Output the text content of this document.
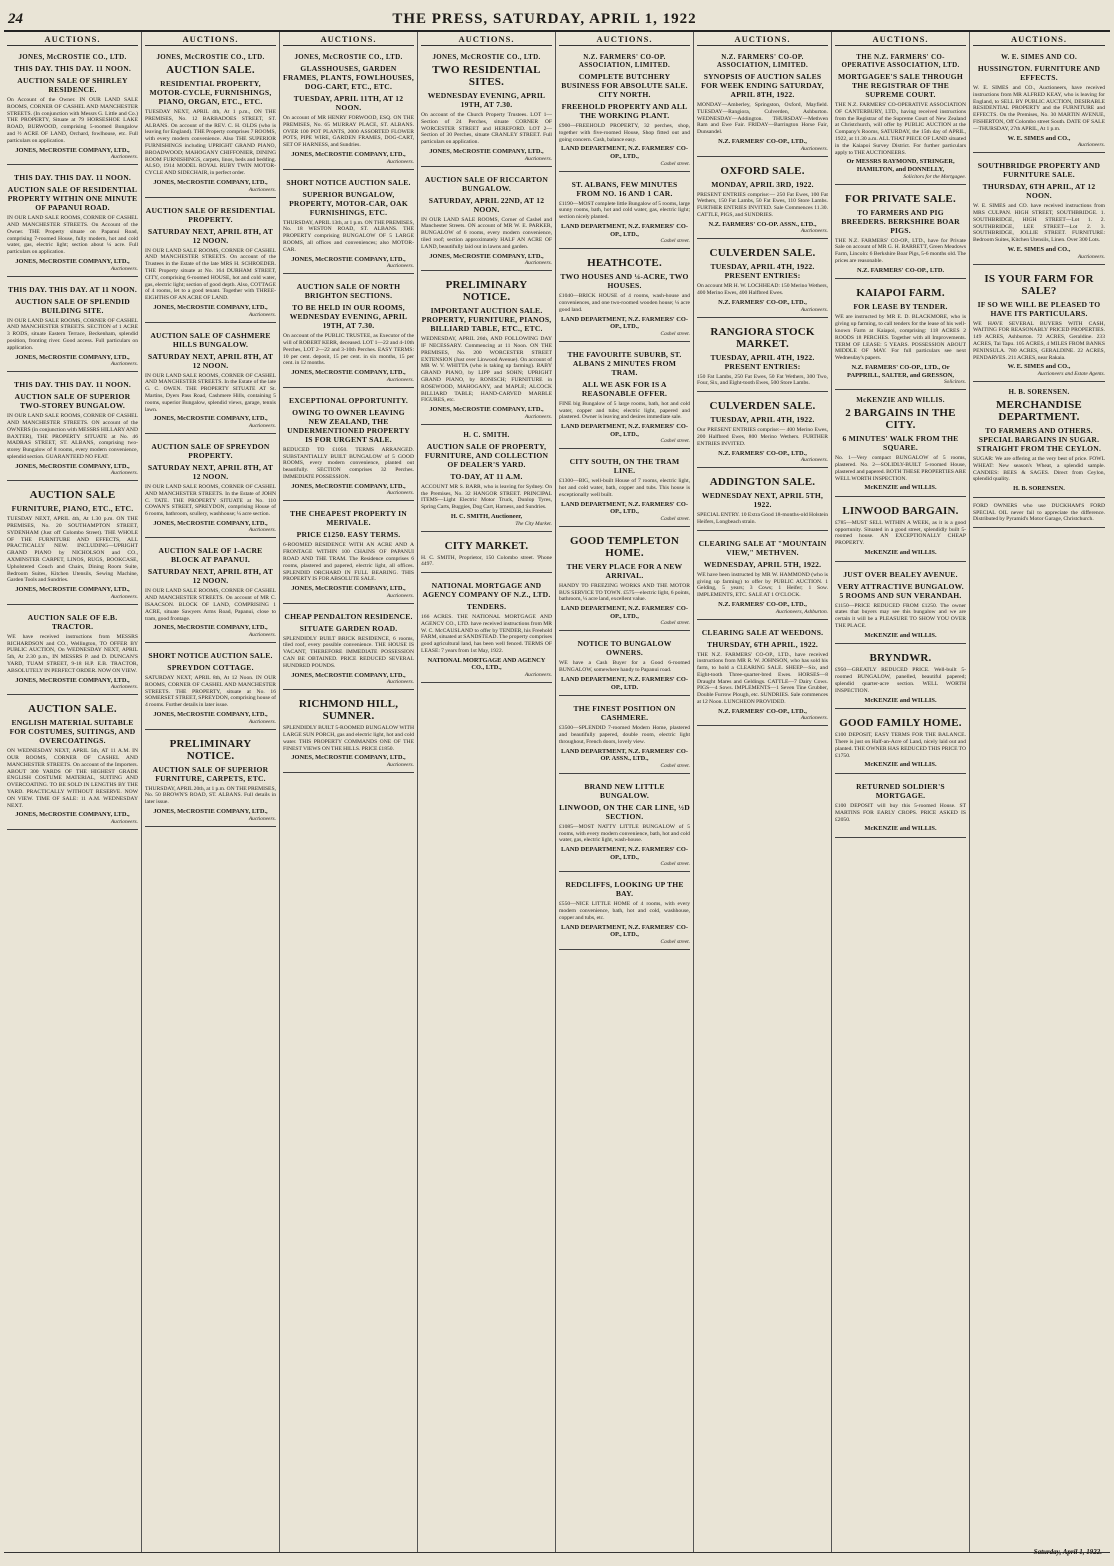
24	THE PRESS, SATURDAY, APRIL 1, 1922
AUCTIONS.
JONES, McCROSTIE CO., LTD.
THIS DAY. THIS DAY. 11 NOON.
AUCTION SALE OF SHIRLEY RESIDENCE.
On Account of the Owner. IN OUR LAND SALE ROOMS, CORNER OF CASHEL AND MANCHESTER STREETS. (In conjunction with Messrs G. Little and Co.) THE PROPERTY, Situate at 79 HORSESHOE LAKE ROAD, BURWOOD, comprising 5-roomed Bungalow and ½ ACRE OF LAND, Orchard, fowlhouse, etc. Full particulars on application.
JONES, McCROSTIE COMPANY, LTD.,
Auctioneers.
THIS DAY. THIS DAY. 11 NOON.
AUCTION SALE OF RESIDENTIAL PROPERTY WITHIN ONE MINUTE OF PAPANUI ROAD.
IN OUR LAND SALE ROOMS, CORNER OF CASHEL AND MANCHESTER STREETS. On Account of the Owner. THE Property situate on Papanui Road, comprising 7-roomed House, fully modern, hot and cold water, gas, electric light; section about ¼ acre. Full particulars on application.
JONES, McCROSTIE COMPANY, LTD.,
Auctioneers.
THIS DAY. THIS DAY. AT 11 NOON.
AUCTION SALE OF SPLENDID BUILDING SITE.
IN OUR LAND SALE ROOMS, CORNER OF CASHEL AND MANCHESTER STREETS. SECTION of 1 ACRE 3 RODS, situate Eastern Terrace, Beckenham, splendid position, fronting river. Good access. Full particulars on application.
JONES, McCROSTIE COMPANY, LTD.,
Auctioneers.
THIS DAY. THIS DAY. 11 NOON.
AUCTION SALE OF SUPERIOR TWO-STOREY BUNGALOW.
IN OUR LAND SALE ROOMS, CORNER OF CASHEL AND MANCHESTER STREETS. ON account of the OWNERS (in conjunction with MESSRS HILLARY AND BAXTER), THE PROPERTY SITUATE at No. 46 MADRAS STREET, ST. ALBANS, comprising two-storey Bungalow of 8 rooms, every modern convenience, splendid section. GUARANTEED NO FEAT.
JONES, McCROSTIE COMPANY, LTD.,
Auctioneers.
AUCTION SALE
FURNITURE, PIANO, ETC., ETC.
TUESDAY NEXT, APRIL 4th, At 1.30 p.m. ON THE PREMISES, No. 20 SOUTHAMPTON STREET, SYDENHAM (Just off Colombo Street). THE WHOLE OF THE FURNITURE AND EFFECTS, ALL PRACTICALLY NEW. INCLUDING—UPRIGHT GRAND PIANO by NICHOLSON and CO., AXMINSTER CARPET, LINOS, RUGS, BOOKCASE, Upholstered Couch and Chairs, Dining Room Suite, Bedroom Suites, Kitchen Utensils, Sewing Machine, Garden Tools and Sundries.
JONES, McCROSTIE COMPANY, LTD.,
Auctioneers.
AUCTION SALE OF E.B. TRACTOR.
WE have received instructions from MESSRS RICHARDSON and CO., Wellington, TO OFFER BY PUBLIC AUCTION, On WEDNESDAY NEXT, APRIL 5th, At 2.30 p.m., IN MESSRS P. and D. DUNCAN'S YARD, TUAM STREET, 9-18 H.P. E.B. TRACTOR, ABSOLUTELY IN PERFECT ORDER. NOW ON VIEW.
JONES, McCROSTIE COMPANY, LTD.,
Auctioneers.
AUCTION SALE.
ENGLISH MATERIAL SUITABLE FOR COSTUMES, SUITINGS, AND OVERCOATINGS.
ON WEDNESDAY NEXT, APRIL 5th, AT 11 A.M. IN OUR ROOMS, CORNER OF CASHEL AND MANCHESTER STREETS. On account of the Importers. ABOUT 300 YARDS OF THE HIGHEST GRADE ENGLISH COSTUME MATERIAL, SUITING AND OVERCOATING. TO BE SOLD IN LENGTHS BY THE YARD. PRACTICALLY WITHOUT RESERVE. NOW ON VIEW. TIME OF SALE: 11 A.M. WEDNESDAY NEXT.
JONES, McCROSTIE COMPANY, LTD.,
Auctioneers.
AUCTIONS.
JONES, McCROSTIE CO., LTD.
AUCTION SALE.
RESIDENTIAL PROPERTY, MOTOR-CYCLE, FURNISHINGS, PIANO, ORGAN, ETC., ETC.
TUESDAY NEXT, APRIL 4th, At 1 p.m., ON THE PREMISES, No. 12 BARBADOES STREET, ST. ALBANS. On account of the REV. C. H. OLDS (who is leaving for England). THE Property comprises 7 ROOMS, with every modern convenience. Also THE SUPERIOR FURNISHINGS including UPRIGHT GRAND PIANO, BROADWOOD; MAHOGANY CHIFFONIER, DINING ROOM FURNISHINGS, carpets, linos, beds and bedding. ALSO, 1914 MODEL ROYAL RUBY TWIN MOTOR-CYCLE AND SIDECHAIR, in perfect order.
JONES, McCROSTIE COMPANY, LTD.,
Auctioneers.
AUCTION SALE OF RESIDENTIAL PROPERTY.
SATURDAY NEXT, APRIL 8TH, AT 12 NOON.
IN OUR LAND SALE ROOMS, CORNER OF CASHEL AND MANCHESTER STREETS. On account of the Trustees in the Estate of the late MRS H. SCHROEDER. THE Property situate at No. 164 DURHAM STREET, CITY, comprising 6-roomed HOUSE, hot and cold water, gas, electric light; section of good depth. Also, COTTAGE of 4 rooms, let to a good tenant. Together with THREE-EIGHTHS OF AN ACRE OF LAND.
JONES, McCROSTIE COMPANY, LTD.,
Auctioneers.
AUCTION SALE OF CASHMERE HILLS BUNGALOW.
SATURDAY NEXT, APRIL 8TH, AT 12 NOON.
IN OUR LAND SALE ROOMS, CORNER OF CASHEL AND MANCHESTER STREETS. In the Estate of the late G. C. OWEN. THE PROPERTY SITUATE AT St. Martins, Dyers Pass Road, Cashmere Hills, containing 5 rooms, superior Bungalow, splendid views, garage, tennis lawn.
JONES, McCROSTIE COMPANY, LTD.,
Auctioneers.
AUCTION SALE OF SPREYDON PROPERTY.
SATURDAY NEXT, APRIL 8TH, AT 12 NOON.
IN OUR LAND SALE ROOMS, CORNER OF CASHEL AND MANCHESTER STREETS. In the Estate of JOHN C. TATE. THE PROPERTY SITUATE at No. 110 COWAN'S STREET, SPREYDON, comprising House of 6 rooms, bathroom, scullery, washhouse; ¼ acre section.
JONES, McCROSTIE COMPANY, LTD.,
Auctioneers.
AUCTION SALE OF 1-ACRE BLOCK AT PAPANUI.
SATURDAY NEXT, APRIL 8TH, AT 12 NOON.
IN OUR LAND SALE ROOMS, CORNER OF CASHEL AND MANCHESTER STREETS. On account of MR C. ISAACSON. BLOCK OF LAND, COMPRISING 1 ACRE, situate Sawyers Arms Road, Papanui, close to tram, good frontage.
JONES, McCROSTIE COMPANY, LTD.,
Auctioneers.
SHORT NOTICE AUCTION SALE.
SPREYDON COTTAGE.
SATURDAY NEXT, APRIL 8th, At 12 Noon. IN OUR ROOMS, CORNER OF CASHEL AND MANCHESTER STREETS. THE PROPERTY, situate at No. 16 SOMERSET STREET, SPREYDON, comprising house of 4 rooms. Further details in later issue.
JONES, McCROSTIE COMPANY, LTD.,
Auctioneers.
PRELIMINARY NOTICE.
AUCTION SALE OF SUPERIOR FURNITURE, CARPETS, ETC.
THURSDAY, APRIL 20th, at 1 p.m. ON THE PREMISES, No. 50 BROWN'S ROAD, ST. ALBANS. Full details in later issue.
JONES, McCROSTIE COMPANY, LTD.,
Auctioneers.
AUCTIONS.
JONES, McCROSTIE CO., LTD.
GLASSHOUSES, GARDEN FRAMES, PLANTS, FOWLHOUSES, DOG-CART, ETC., ETC.
TUESDAY, APRIL 11TH, AT 12 NOON.
On account of MR HENRY FORWOOD, ESQ. ON THE PREMISES, No. 65 MURRAY PLACE, ST. ALBANS. OVER 100 POT PLANTS, 2000 ASSORTED FLOWER POTS, PIPE WIRE, GARDEN FRAMES, DOG-CART, SET OF HARNESS, and Sundries.
JONES, McCROSTIE COMPANY, LTD.,
Auctioneers.
SHORT NOTICE AUCTION SALE.
SUPERIOR BUNGALOW, PROPERTY, MOTOR-CAR, OAK FURNISHINGS, ETC.
THURSDAY, APRIL 13th, at 1 p.m. ON THE PREMISES, No. 18 WESTON ROAD, ST. ALBANS. THE PROPERTY comprising BUNGALOW OF 5 LARGE ROOMS, all offices and conveniences; also MOTOR-CAR.
JONES, McCROSTIE COMPANY, LTD.,
Auctioneers.
AUCTION SALE OF NORTH BRIGHTON SECTIONS.
TO BE HELD IN OUR ROOMS, WEDNESDAY EVENING, APRIL 19TH, AT 7.30.
On account of the PUBLIC TRUSTEE, as Executor of the will of ROBERT KERR, deceased. LOT 1—22 and 4-10th Perches, LOT 2—22 and 3-10th Perches. EASY TERMS: 10 per cent. deposit, 15 per cent. in six months, 15 per cent. in 12 months.
JONES, McCROSTIE COMPANY, LTD.,
Auctioneers.
EXCEPTIONAL OPPORTUNITY.
OWING TO OWNER LEAVING NEW ZEALAND, THE UNDERMENTIONED PROPERTY IS FOR URGENT SALE.
REDUCED TO £1050. TERMS ARRANGED. SUBSTANTIALLY BUILT BUNGALOW of 5 GOOD ROOMS, every modern convenience, planted out beautifully. SECTION comprises 32 Perches. IMMEDIATE POSSESSION.
JONES, McCROSTIE COMPANY, LTD.,
Auctioneers.
THE CHEAPEST PROPERTY IN MERIVALE.
PRICE £1250. EASY TERMS.
6-ROOMED RESIDENCE WITH AN ACRE AND A FRONTAGE WITHIN 100 CHAINS OF PAPANUI ROAD AND THE TRAM. The Residence comprises 6 rooms, plastered and papered, electric light, all offices. SPLENDID ORCHARD IN FULL BEARING. THIS PROPERTY IS FOR ABSOLUTE SALE.
JONES, McCROSTIE COMPANY, LTD.,
Auctioneers.
CHEAP PENDALTON RESIDENCE.
SITUATE GARDEN ROAD.
SPLENDIDLY BUILT BRICK RESIDENCE, 6 rooms, tiled roof, every possible convenience. THE HOUSE IS VACANT, THEREFORE IMMEDIATE POSSESSION CAN BE OBTAINED. PRICE REDUCED SEVERAL HUNDRED POUNDS.
JONES, McCROSTIE COMPANY, LTD.,
Auctioneers.
RICHMOND HILL, SUMNER.
SPLENDIDLY BUILT 5-ROOMED BUNGALOW WITH LARGE SUN PORCH, gas and electric light, hot and cold water. THIS PROPERTY COMMANDS ONE OF THE FINEST VIEWS ON THE HILLS. PRICE £1850.
JONES, McCROSTIE COMPANY, LTD.,
Auctioneers.
AUCTIONS.
JONES, McCROSTIE CO., LTD.
TWO RESIDENTIAL SITES.
WEDNESDAY EVENING, APRIL 19TH, AT 7.30.
On account of the Church Property Trustees. LOT 1—Section of 24 Perches, situate CORNER OF WORCESTER STREET and HEREFORD. LOT 2—Section of 30 Perches, situate CRANLEY STREET. Full particulars on application.
JONES, McCROSTIE COMPANY, LTD.,
Auctioneers.
AUCTION SALE OF RICCARTON BUNGALOW.
SATURDAY, APRIL 22ND, AT 12 NOON.
IN OUR LAND SALE ROOMS, Corner of Cashel and Manchester Streets. ON account of MR W. E. PARKER, BUNGALOW of 6 rooms, every modern convenience, tiled roof; section approximately HALF AN ACRE OF LAND, beautifully laid out in lawns and garden.
JONES, McCROSTIE COMPANY, LTD.,
Auctioneers.
PRELIMINARY NOTICE.
IMPORTANT AUCTION SALE. PROPERTY, FURNITURE, PIANOS, BILLIARD TABLE, ETC., ETC.
WEDNESDAY, APRIL 26th, AND FOLLOWING DAY IF NECESSARY. Commencing at 11 Noon. ON THE PREMISES, No. 200 WORCESTER STREET EXTENSION (Just over Linwood Avenue). On account of MR W. V. WHITTA (who is taking up farming). BABY GRAND PIANO, by LIPP and SOHN; UPRIGHT GRAND PIANO, by RONISCH; FURNITURE in ROSEWOOD, MAHOGANY, and MAPLE; ALCOCK BILLIARD TABLE; HAND-CARVED MARBLE FIGURES, etc.
JONES, McCROSTIE COMPANY, LTD.,
Auctioneers.
H. C. SMITH.
AUCTION SALE OF PROPERTY, FURNITURE, AND COLLECTION OF DEALER'S YARD.
TO-DAY, AT 11 A.M.
ACCOUNT MR S. BARR, who is leaving for Sydney. On the Premises, No. 32 HANGOR STREET. PRINCIPAL ITEMS—Light Electric Motor Truck, Dunlop Tyres, Spring Carts, Buggies, Dog Cart, Harness, and Sundries.
H. C. SMITH, Auctioneer,
The City Market.
CITY MARKET.
H. C. SMITH, Proprietor, 150 Colombo street. 'Phone 4497.
NATIONAL MORTGAGE AND AGENCY COMPANY OF N.Z., LTD.
TENDERS.
166 ACRES. THE NATIONAL MORTGAGE AND AGENCY CO., LTD. have received instructions from MR W. C. McCAUSLAND to offer by TENDER, his Freehold FARM, situated at SANDSTEAD. The property comprises good agricultural land, has been well fenced. TERMS OF LEASE: 7 years from 1st May, 1922.
NATIONAL MORTGAGE AND AGENCY CO., LTD.,
Auctioneers.
AUCTIONS.
N.Z. FARMERS' CO-OP. ASSOCIATION, LIMITED.
COMPLETE BUTCHERY BUSINESS FOR ABSOLUTE SALE. CITY NORTH.
FREEHOLD PROPERTY AND ALL THE WORKING PLANT.
£900—FREEHOLD PROPERTY, 32 perches, shop, together with five-roomed House, Shop fitted out and going concern. Cash, balance easy.
LAND DEPARTMENT, N.Z. FARMERS' CO-OP., LTD.,
Cashel street.
ST. ALBANS, FEW MINUTES FROM NO. 16 AND 1 CAR.
£1190—MOST complete little Bungalow of 5 rooms, large sunny rooms, bath, hot and cold water, gas, electric light; section nicely planted.
LAND DEPARTMENT, N.Z. FARMERS' CO-OP., LTD.,
Cashel street.
HEATHCOTE.
TWO HOUSES AND ¼-ACRE, TWO HOUSES.
£1040—BRICK HOUSE of 4 rooms, wash-house and conveniences, and one two-roomed wooden house; ¼ acre good land.
LAND DEPARTMENT, N.Z. FARMERS' CO-OP., LTD.,
Cashel street.
THE FAVOURITE SUBURB, ST. ALBANS 2 MINUTES FROM TRAM.
ALL WE ASK FOR IS A REASONABLE OFFER.
FINE big Bungalow of 5 large rooms, bath, hot and cold water, copper and tubs; electric light, papered and plastered. Owner is leaving and desires immediate sale.
LAND DEPARTMENT, N.Z. FARMERS' CO-OP., LTD.,
Cashel street.
CITY SOUTH, ON THE TRAM LINE.
£1300—BIG, well-built House of 7 rooms, electric light, hot and cold water, bath, copper and tubs. This house is exceptionally well built.
LAND DEPARTMENT, N.Z. FARMERS' CO-OP., LTD.,
Cashel street.
GOOD TEMPLETON HOME.
THE VERY PLACE FOR A NEW ARRIVAL.
HANDY TO FREEZING WORKS AND THE MOTOR BUS SERVICE TO TOWN. £575—electric light, 6 points, bathroom, ¼ acre land, excellent value.
LAND DEPARTMENT, N.Z. FARMERS' CO-OP., LTD.,
Cashel street.
NOTICE TO BUNGALOW OWNERS.
WE have a Cash Buyer for a Good 6-roomed BUNGALOW, somewhere handy to Papanui road.
LAND DEPARTMENT, N.Z. FARMERS' CO-OP., LTD.
THE FINEST POSITION ON CASHMERE.
£3500—SPLENDID 7-roomed Modern Home, plastered and beautifully papered, double room, electric light throughout, French doors, lovely view.
LAND DEPARTMENT, N.Z. FARMERS' CO-OP. ASSN., LTD.,
Cashel street.
BRAND NEW LITTLE BUNGALOW.
LINWOOD, ON THE CAR LINE, ½D SECTION.
£1085—MOST NATTY LITTLE BUNGALOW of 5 rooms, with every modern convenience, bath, hot and cold water, gas, electric light, wash-house.
LAND DEPARTMENT, N.Z. FARMERS' CO-OP., LTD.,
Cashel street.
REDCLIFFS, LOOKING UP THE BAY.
£550—NICE LITTLE HOME of 4 rooms, with every modern convenience, bath, hot and cold, washhouse, copper and tubs, etc.
LAND DEPARTMENT, N.Z. FARMERS' CO-OP., LTD.,
Cashel street.
AUCTIONS.
N.Z. FARMERS' CO-OP. ASSOCIATION, LIMITED.
SYNOPSIS OF AUCTION SALES FOR WEEK ENDING SATURDAY, APRIL 8TH, 1922.
MONDAY—Amberley, Springston, Oxford, Mayfield. TUESDAY—Rangiora, Culverden, Ashburton. WEDNESDAY—Addington. THURSDAY—Methven Ram and Ewe Fair. FRIDAY—Barrington Horse Fair, Dunsandel.
N.Z. FARMERS' CO-OP., LTD.,
Auctioneers.
OXFORD SALE.
MONDAY, APRIL 3RD, 1922.
PRESENT ENTRIES comprise:— 250 Fat Ewes, 100 Fat Wethers, 150 Fat Lambs, 50 Fat Ewes, 110 Store Lambs. FURTHER ENTRIES INVITED. Sale Commences 11.30. CATTLE, PIGS, and SUNDRIES.
N.Z. FARMERS' CO-OP. ASSN., LTD.,
Auctioneers.
CULVERDEN SALE.
TUESDAY, APRIL 4TH, 1922. PRESENT ENTRIES:
On account MR H. W. LOCHHEAD: 150 Merino Wethers, 400 Merino Ewes, 400 Halfbred Ewes.
N.Z. FARMERS' CO-OP., LTD.,
Auctioneers.
RANGIORA STOCK MARKET.
TUESDAY, APRIL 4TH, 1922. PRESENT ENTRIES:
150 Fat Lambs, 250 Fat Ewes, 50 Fat Wethers, 300 Two, Four, Six, and Eight-tooth Ewes, 500 Store Lambs.
CULVERDEN SALE.
TUESDAY, APRIL 4TH, 1922.
Our PRESENT ENTRIES comprise:— 400 Merino Ewes, 200 Halfbred Ewes, 800 Merino Wethers. FURTHER ENTRIES INVITED.
N.Z. FARMERS' CO-OP., LTD.,
Auctioneers.
ADDINGTON SALE.
WEDNESDAY NEXT, APRIL 5TH, 1922.
SPECIAL ENTRY. 10 Extra Good 18-months-old Holstein Heifers, Longbeach strain.
CLEARING SALE AT "MOUNTAIN VIEW," METHVEN.
WEDNESDAY, APRIL 5TH, 1922.
WE have been instructed by MR W. HAMMOND (who is giving up farming) to offer by PUBLIC AUCTION. 1 Gelding, 5 years; 3 Cows; 1 Heifer; 1 Sow. IMPLEMENTS, ETC. SALE AT 1 O'CLOCK.
N.Z. FARMERS' CO-OP., LTD.,
Auctioneers, Ashburton.
CLEARING SALE AT WEEDONS.
THURSDAY, 6TH APRIL, 1922.
THE N.Z. FARMERS' CO-OP., LTD., have received instructions from MR R. W. JOHNSON, who has sold his farm, to hold a CLEARING SALE. SHEEP—Six, and Eight-tooth Three-quarter-bred Ewes. HORSES—8 Draught Mares and Geldings. CATTLE—7 Dairy Cows. PIGS—4 Sows. IMPLEMENTS—1 Seven Tine Grubber, Double Furrow Plough, etc. SUNDRIES. Sale commences at 12 Noon. LUNCHEON PROVIDED.
N.Z. FARMERS' CO-OP., LTD.,
Auctioneers.
AUCTIONS.
THE N.Z. FARMERS' CO-OPERATIVE ASSOCIATION, LTD.
MORTGAGEE'S SALE THROUGH THE REGISTRAR OF THE SUPREME COURT.
THE N.Z. FARMERS' CO-OPERATIVE ASSOCIATION OF CANTERBURY, LTD., having received instructions from the Registrar of the Supreme Court of New Zealand at Christchurch, will offer by PUBLIC AUCTION at the Company's Rooms, SATURDAY, the 15th day of APRIL, 1922, at 11.30 a.m. ALL THAT PIECE OF LAND situated in the Kaiapoi Survey District. For further particulars apply to THE AUCTIONEERS.
Or MESSRS RAYMOND, STRINGER, HAMILTON, and DONNELLY,
Solicitors for the Mortgagee.
FOR PRIVATE SALE.
TO FARMERS AND PIG BREEDERS. BERKSHIRE BOAR PIGS.
THE N.Z. FARMERS' CO-OP., LTD., have for Private Sale on account of MR G. H. BARRETT, Green Meadows Farm, Lincoln: 6 Berkshire Boar Pigs, 5-6 months old. The prices are reasonable.
N.Z. FARMERS' CO-OP., LTD.
KAIAPOI FARM.
FOR LEASE BY TENDER.
WE are instructed by MR E. D. BLACKMORE, who is giving up farming, to call tenders for the lease of his well-known Farm at Kaiapoi, comprising: 118 ACRES 2 ROODS 18 PERCHES. Together with all Improvements. TERM OF LEASE: 5 YEARS. POSSESSION ABOUT MIDDLE OF MAY. For full particulars see next Wednesday's papers.
N.Z. FARMERS' CO-OP., LTD., Or PAPPRILL, SALTER, and GRESSON,
Solicitors.
McKENZIE AND WILLIS.
2 BARGAINS IN THE CITY.
6 MINUTES' WALK FROM THE SQUARE.
No. 1—Very compact BUNGALOW of 5 rooms, plastered. No. 2—SOLIDLY-BUILT 5-roomed House, plastered and papered. BOTH THESE PROPERTIES ARE WELL WORTH INSPECTION.
McKENZIE and WILLIS.
LINWOOD BARGAIN.
£785—MUST SELL WITHIN A WEEK, as it is a good opportunity. Situated in a good street, splendidly built 5-roomed house. AN EXCEPTIONALLY CHEAP PROPERTY.
McKENZIE and WILLIS.
JUST OVER BEALEY AVENUE.
VERY ATTRACTIVE BUNGALOW. 5 ROOMS AND SUN VERANDAH.
£1150—PRICE REDUCED FROM £1250. The owner states that buyers may see this bungalow and we are certain it will be a PLEASURE TO SHOW YOU OVER THE PLACE.
McKENZIE and WILLIS.
BRYNDWR.
£950—GREATLY REDUCED PRICE. Well-built 5-roomed BUNGALOW, panelled, beautiful papered; splendid quarter-acre section. WELL WORTH INSPECTION.
McKENZIE and WILLIS.
GOOD FAMILY HOME.
£100 DEPOSIT, EASY TERMS FOR THE BALANCE. There is just on Half-an-Acre of Land, nicely laid out and planted. THE OWNER HAS REDUCED THIS PRICE TO £1750.
McKENZIE and WILLIS.
RETURNED SOLDIER'S MORTGAGE.
£100 DEPOSIT will buy this 5-roomed House. ST MARTINS FOR EARLY CROPS. PRICE ASKED IS £2050.
McKENZIE and WILLIS.
AUCTIONS.
W. E. SIMES AND CO.
HUSSINGTON. FURNITURE AND EFFECTS.
W. E. SIMES and CO., Auctioneers, have received instructions from MR ALFRED KEAY, who is leaving for England, to SELL BY PUBLIC AUCTION, DESIRABLE RESIDENTIAL PROPERTY and the FURNITURE and EFFECTS. On the Premises, No. 30 MARTIN AVENUE, FISHERTON, Off Colombo street South. DATE OF SALE—THURSDAY, 27th APRIL, At 1 p.m.
W. E. SIMES and CO.,
Auctioneers.
SOUTHBRIDGE PROPERTY AND FURNITURE SALE.
THURSDAY, 6TH APRIL, AT 12 NOON.
W. E. SIMES and CO. have received instructions from MRS CULPAN. HIGH STREET, SOUTHBRIDGE. 1. SOUTHBRIDGE, HIGH STREET—Lot 1. 2. SOUTHBRIDGE, LEE STREET—Lot 2. 3. SOUTHBRIDGE, JOLLIE STREET. FURNITURE: Bedroom Suites, Kitchen Utensils, Linen. Over 300 Lots.
W. E. SIMES and CO.,
Auctioneers.
IS YOUR FARM FOR SALE?
IF SO WE WILL BE PLEASED TO HAVE ITS PARTICULARS.
WE HAVE SEVERAL BUYERS WITH CASH, WAITING FOR REASONABLY PRICED PROPERTIES. 149 ACRES, Ashburton. 72 ACRES, Geraldine. 233 ACRES, Tai Tapu. 105 ACRES, 4 MILES FROM BANKS PENINSULA. 780 ACRES, GERALDINE. 22 ACRES, PENDARVES. 211 ACRES, near Rakaia.
W. E. SIMES and CO.,
Auctioneers and Estate Agents.
H. B. SORENSEN.
MERCHANDISE DEPARTMENT.
TO FARMERS AND OTHERS. SPECIAL BARGAINS IN SUGAR. STRAIGHT FROM THE CEYLON.
SUGAR: We are offering at the very best of price. FOWL WHEAT: New season's Wheat, a splendid sample. CANDIES: BEES & SAGES. Direct from Ceylon, splendid quality.
H. B. SORENSEN.
FORD OWNERS who use DUCKHAM'S FORD SPECIAL OIL never fail to appreciate the difference. Distributed by Pyramid's Motor Garage, Christchurch.
Saturday, April 1, 1922.
